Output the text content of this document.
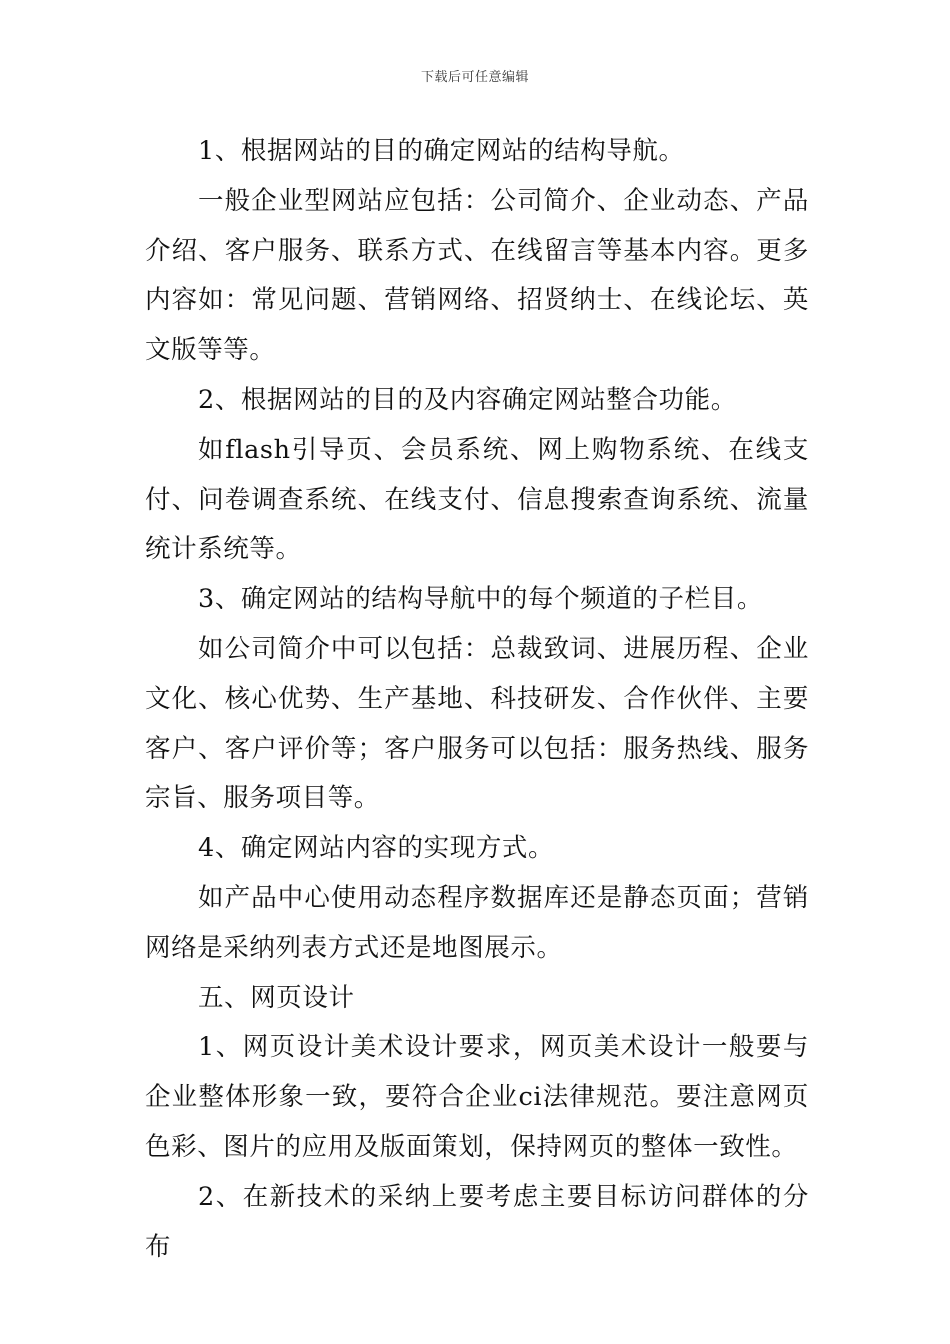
下载后可任意编辑

1、根据网站的目的确定网站的结构导航。

一般企业型网站应包括：公司简介、企业动态、产品介绍、客户服务、联系方式、在线留言等基本内容。更多内容如：常见问题、营销网络、招贤纳士、在线论坛、英文版等等。

2、根据网站的目的及内容确定网站整合功能。

如flash引导页、会员系统、网上购物系统、在线支付、问卷调查系统、在线支付、信息搜索查询系统、流量统计系统等。

3、确定网站的结构导航中的每个频道的子栏目。

如公司简介中可以包括：总裁致词、进展历程、企业文化、核心优势、生产基地、科技研发、合作伙伴、主要客户、客户评价等；客户服务可以包括：服务热线、服务宗旨、服务项目等。

4、确定网站内容的实现方式。

如产品中心使用动态程序数据库还是静态页面；营销网络是采纳列表方式还是地图展示。

五、网页设计

1、网页设计美术设计要求，网页美术设计一般要与企业整体形象一致，要符合企业ci法律规范。要注意网页色彩、图片的应用及版面策划，保持网页的整体一致性。

2、在新技术的采纳上要考虑主要目标访问群体的分布
